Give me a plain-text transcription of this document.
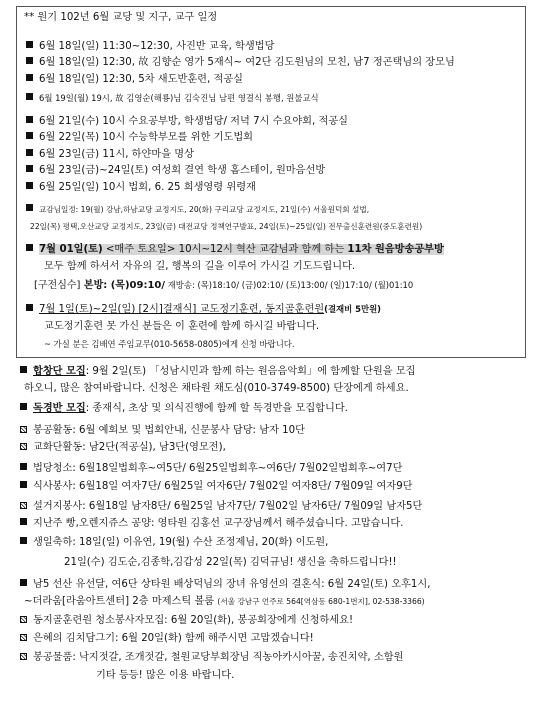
** 원기 102년 6월 교당 및 지구, 교구 일정
6월 18일(일) 11:30~12:30, 사진반 교육, 학생법당
6월 18일(일) 12:30, 故 김향순 영가 5재식~ 여2단 김도원님의 모친, 남7 정곤택님의 장모님
6월 18일(일) 12:30, 5차 새도반훈련, 적공실
6월 19일(월) 19시, 故 김영순(해룡)님 김숙진님 남편 영결식 봉행, 원불교식
6월 21일(수) 10시 수요공부방, 학생법당/ 저녁 7시 수요야회, 적공실
6월 22일(목) 10시 수능학부모를 위한 기도법회
6월 23일(금) 11시, 하얀마을 명상
6월 23일(금)~24일(토) 여성회 결연 학생 홈스테이, 원마음선방
6월 25일(일) 10시 법회, 6. 25 희생영령 위령재
교감님일정: 19(월) 강남,하남교당 교정지도, 20(화) 구리교당 교정지도, 21일(수) 서울원덕회 설법,
22일(목) 평택,오산교당 교정지도, 23일(금) 대전교당 정책연구발표, 24일(토)~25일(일) 전무출신훈련원(중도훈련원)
7월 01일(토) <매주 토요일> 10시~12시 혁산 교감님과 함께 하는 11차 원음방송공부방
모두 함께 하셔서 자유의 길, 행복의 길을 이루어 가시길 기도드립니다.
[구전심수] 본방: (목)09:10/ 재방송: (목)18:10/ (금)02:10/ (토)13:00/ (일)17:10/ (월)01:10
7월 1일(토)~2일(일) [2시]결재식] 교도정기훈련, 동지골훈련원(결재비 5만원)
교도정기훈련 못 가신 분들은 이 훈련에 함께 하시길 바랍니다.
~ 가실 분은 김배연 주임교무(010-5658-0805)에게 신청 바랍니다.
합창단 모집: 9월 2일(토) 「성남시민과 함께 하는 원음음악회」에 함께할 단원을 모집
하오니, 많은 참여바랍니다. 신청은 채타원 채도심(010-3749-8500) 단장에게 하세요.
독경반 모집: 종재식, 초상 및 의식진행에 함께 할 독경반을 모집합니다.
봉공활동: 6월 예회보 및 법회안내, 신문봉사 담당: 남자 10단
교화단활동: 남2단(적공실), 남3단(영모전),
법당청소: 6월18일법회후~여5단/ 6월25일법회후~여6단/ 7월02일법회후~여7단
식사봉사: 6월18일 여자7단/ 6월25일 여자6단/ 7월02일 여자8단/ 7월09일 여자9단
설거지봉사: 6월18일 남자8단/ 6월25일 남자7단/ 7월02일 남자6단/ 7월09일 남자5단
지난주 빵,오렌지쥬스 공양: 영타원 김홍선 교구장님께서 해주셨습니다. 고맙습니다.
생일축하: 18일(일) 이유연, 19(월) 수산 조정제님, 20(화) 이도원,
21일(수) 김도순,김종학,김갑성 22일(목) 김덕규님! 생신을 축하드립니다!!
남5 선산 유선달, 여6단 상타원 배상덕님의 장녀 유영선의 결혼식: 6월 24일(토) 오후1시,
~더라움[라움아트센터] 2층 마제스틱 볼룸 (서울 강남구 언주로 564[역삼동 680-1번지], 02-538-3366)
동지골훈련원 청소봉사자모집: 6월 20일(화), 봉공회장에게 신청하세요!
은혜의 김치담그기: 6월 20일(화) 함께 해주시면 고맙겠습니다!
봉공물품: 낙지젓갈, 조개젓갈, 철원교당부회장님 직농아카시아꿀, 송진치약, 소함원
기타 등등! 많은 이용 바랍니다.
